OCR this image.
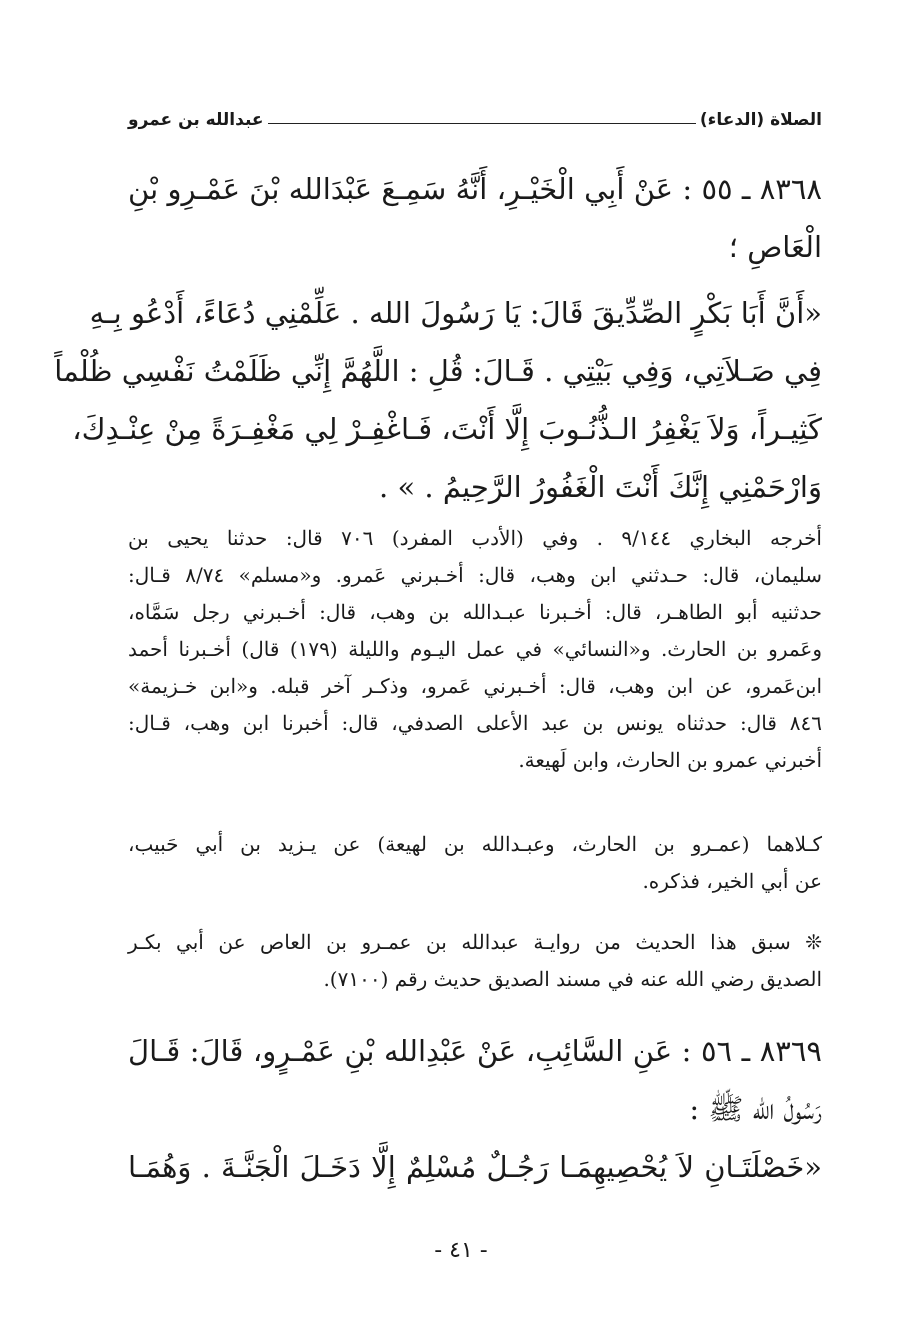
الصلاة (الدعاء)
عبدالله بن عمرو
٨٣٦٨ ـ ٥٥ : عَنْ أَبِي الْخَيْـرِ، أَنَّهُ سَمِـعَ عَبْدَالله بْنَ عَمْـرِو بْنِ
الْعَاصِ ؛
«أَنَّ أَبَا بَكْرٍ الصِّدِّيقَ قَالَ: يَا رَسُولَ الله . عَلِّمْنِي دُعَاءً، أَدْعُو بِـهِ
فِي صَـلاَتِي، وَفِي بَيْتِي . قَـالَ: قُلِ : اللَّهُمَّ إِنِّي ظَلَمْتُ نَفْسِي ظُلْماً
كَثِيـراً، وَلاَ يَغْفِرُ الـذُّنُـوبَ إِلَّا أَنْتَ، فَـاغْفِـرْ لِي مَغْفِـرَةً مِنْ عِنْـدِكَ،
وَارْحَمْنِي إِنَّكَ أَنْتَ الْغَفُورُ الرَّحِيمُ . » .
أخرجه البخاري ٩/١٤٤ . وفي (الأدب المفرد) ٧٠٦ قال: حدثنا يحيى بن
سليمان، قال: حـدثني ابن وهب، قال: أخـبرني عَمرو. و«مسلم» ٨/٧٤ قـال:
حدثنيه أبو الطاهـر، قال: أخـبرنا عبـدالله بن وهب، قال: أخـبرني رجل سَمَّاه،
وعَمرو بن الحارث. و«النسائي» في عمل اليـوم والليلة (١٧٩) قال) أخـبرنا أحمد
ابن‌عَمرو، عن ابن وهب، قال: أخـبرني عَمرو، وذكـر آخر قبله. و«ابن خـزيمة»
٨٤٦ قال: حدثناه يونس بن عبد الأعلى الصدفي، قال: أخبرنا ابن وهب، قـال:
أخبرني عمرو بن الحارث، وابن لَهيعة.
كـلاهما (عمـرو بن الحارث، وعبـدالله بن لهيعة) عن يـزيد بن أبي حَبيب،
عن أبي الخير، فذكره.
❊ سبق هذا الحديث من روايـة عبدالله بن عمـرو بن العاص عن أبي بكـر
الصديق رضي الله عنه في مسند الصديق حديث رقم (٧١٠٠).
٨٣٦٩ ـ ٥٦ : عَنِ السَّائِبِ، عَنْ عَبْدِالله بْنِ عَمْـرٍو، قَالَ: قَـالَ
رَسُولُ الله ﷺ :
«خَصْلَتَـانِ لاَ يُحْصِيهِمَـا رَجُـلٌ مُسْلِمٌ إِلَّا دَخَـلَ الْجَنَّـةَ . وَهُمَـا
- ٤١ -
